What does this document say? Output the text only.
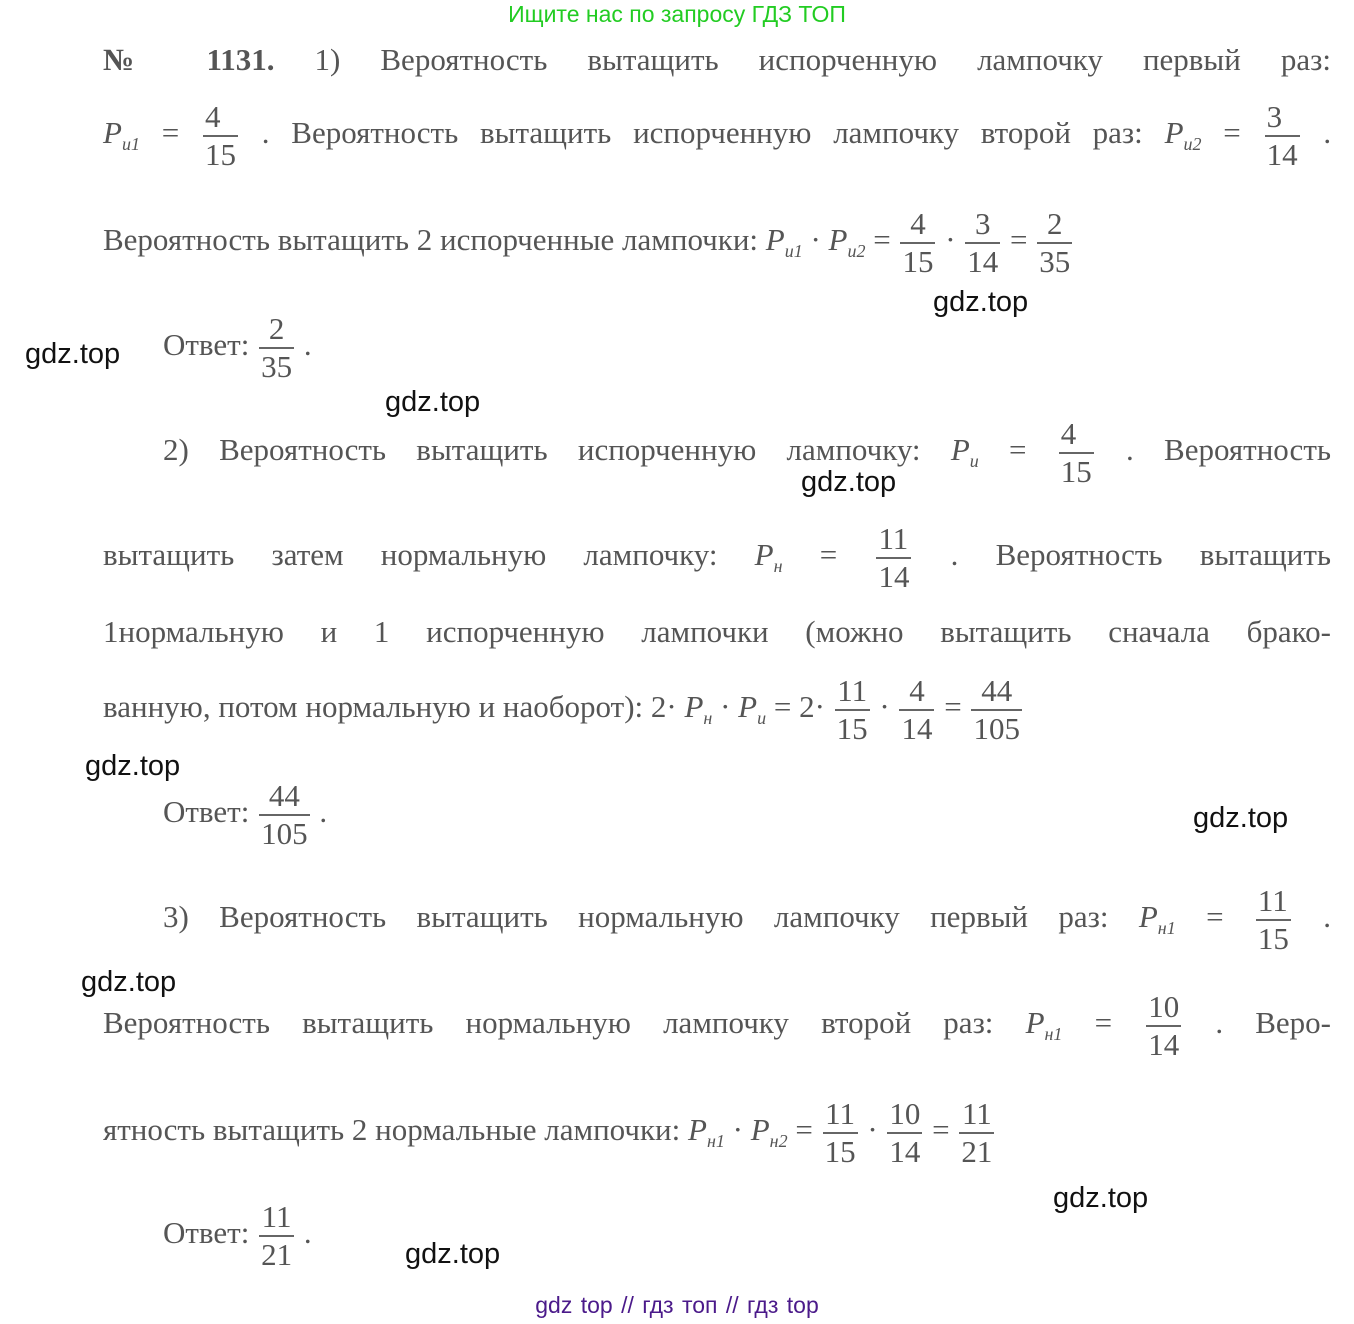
Ищите нас по запросу ГДЗ ТОП
№ 1131. 1) Вероятность вытащить испорченную лампочку первый раз:
$P_{и1} = \frac{4}{15}$ . Вероятность вытащить испорченную лампочку второй раз: $P_{и2} = \frac{3}{14}$ .
Вероятность вытащить 2 испорченные лампочки: $P_{и1} \cdot P_{и2} = \frac{4}{15} \cdot \frac{3}{14} = \frac{2}{35}$
Ответ: $\frac{2}{35}$ .
2) Вероятность вытащить испорченную лампочку: $P_и = \frac{4}{15}$ . Вероятность
вытащить затем нормальную лампочку: $P_н = \frac{11}{14}$ . Вероятность вытащить
1нормальную и 1 испорченную лампочки (можно вытащить сначала брако-
ванную, потом нормальную и наоборот): $2\cdot P_н \cdot P_и = 2\cdot \frac{11}{15} \cdot \frac{4}{14} = \frac{44}{105}$
Ответ: $\frac{44}{105}$ .
3) Вероятность вытащить нормальную лампочку первый раз: $P_{н1} = \frac{11}{15}$ .
Вероятность вытащить нормальную лампочку второй раз: $P_{н1} = \frac{10}{14}$ . Веро-
ятность вытащить 2 нормальные лампочки: $P_{н1} \cdot P_{н2} = \frac{11}{15} \cdot \frac{10}{14} = \frac{11}{21}$
Ответ: $\frac{11}{21}$ .
gdz.top
gdz.top
gdz.top
gdz.top
gdz.top
gdz.top
gdz.top
gdz.top
gdz.top
gdz top // гдз топ // гдз top
